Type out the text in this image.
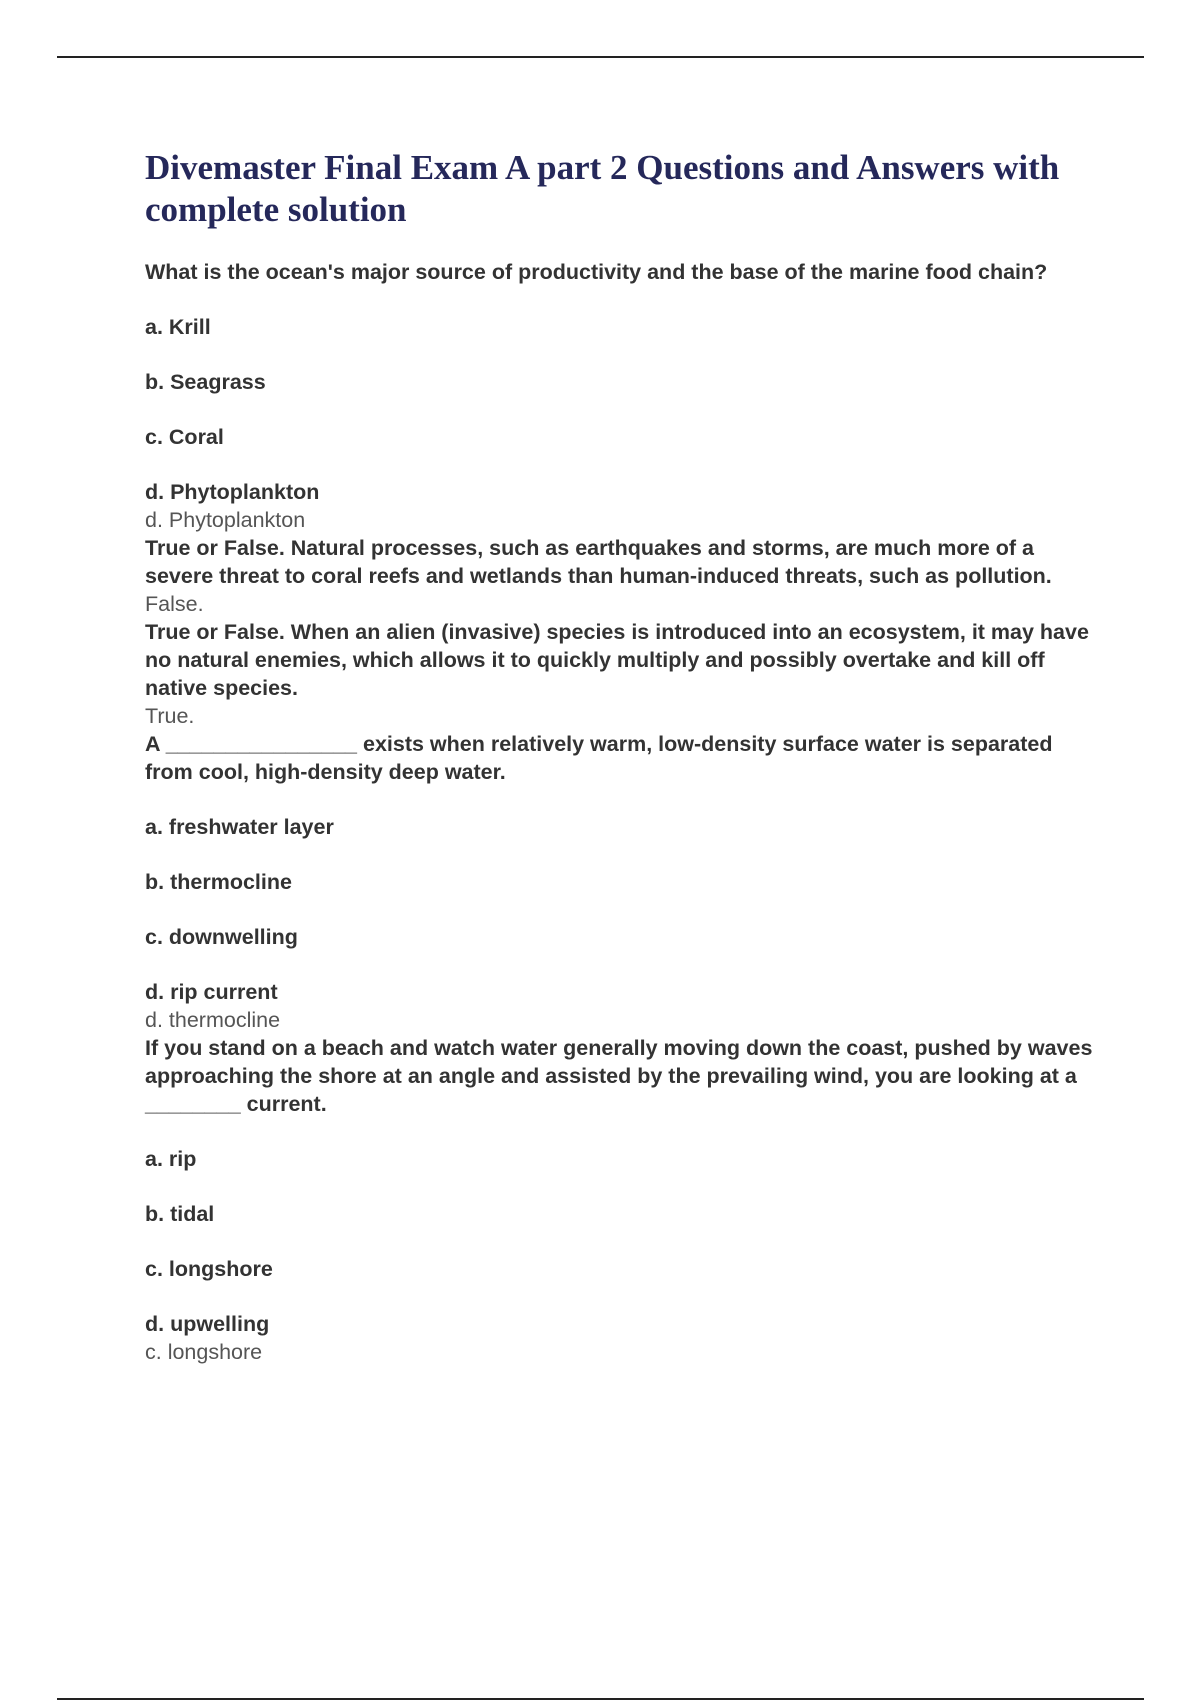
Divemaster Final Exam A part 2 Questions and Answers with complete solution
What is the ocean's major source of productivity and the base of the marine food chain?
a. Krill
b. Seagrass
c. Coral
d. Phytoplankton
d. Phytoplankton
True or False. Natural processes, such as earthquakes and storms, are much more of a severe threat to coral reefs and wetlands than human-induced threats, such as pollution.
False.
True or False. When an alien (invasive) species is introduced into an ecosystem, it may have no natural enemies, which allows it to quickly multiply and possibly overtake and kill off native species.
True.
A ________________ exists when relatively warm, low-density surface water is separated from cool, high-density deep water.
a. freshwater layer
b. thermocline
c. downwelling
d. rip current
d. thermocline
If you stand on a beach and watch water generally moving down the coast, pushed by waves approaching the shore at an angle and assisted by the prevailing wind, you are looking at a ________ current.
a. rip
b. tidal
c. longshore
d. upwelling
c. longshore
